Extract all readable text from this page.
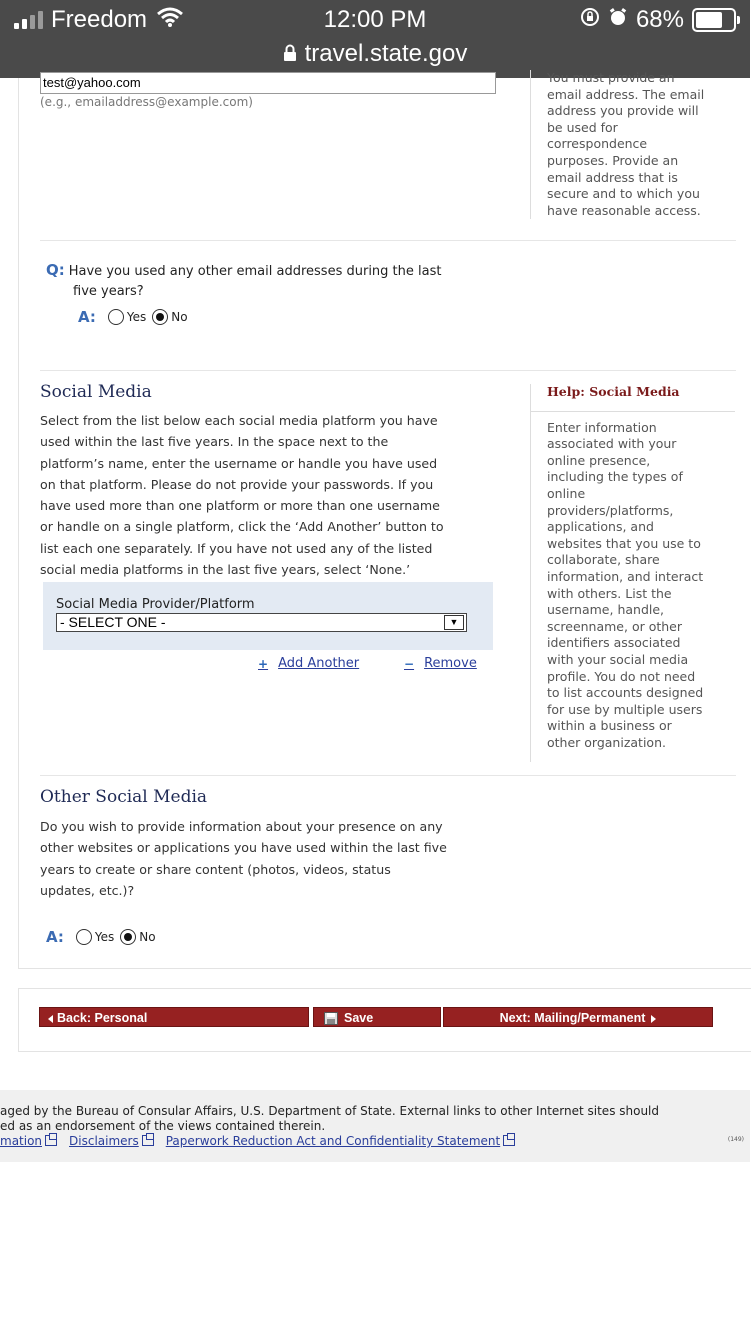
Freedom	12:00 PM	68%
travel.state.gov
test@yahoo.com
(e.g., emailaddress@example.com)
You must provide an
email address. The email
address you provide will
be used for
correspondence
purposes. Provide an
email address that is
secure and to which you
have reasonable access.
Q: Have you used any other email addresses during the last
five years?
A:	Yes No
Social Media
Select from the list below each social media platform you have
used within the last five years. In the space next to the
platform’s name, enter the username or handle you have used
on that platform. Please do not provide your passwords. If you
have used more than one platform or more than one username
or handle on a single platform, click the ‘Add Another’ button to
list each one separately. If you have not used any of the listed
social media platforms in the last five years, select ‘None.’
Social Media Provider/Platform
- SELECT ONE -	▼
+ Add Another	− Remove
Help: Social Media
Enter information
associated with your
online presence,
including the types of
online
providers/platforms,
applications, and
websites that you use to
collaborate, share
information, and interact
with others. List the
username, handle,
screenname, or other
identifiers associated
with your social media
profile. You do not need
to list accounts designed
for use by multiple users
within a business or
other organization.
Other Social Media
Do you wish to provide information about your presence on any
other websites or applications you have used within the last five
years to create or share content (photos, videos, status
updates, etc.)?
A:	Yes No
Back: Personal	Save	Next: Mailing/Permanent
aged by the Bureau of Consular Affairs, U.S. Department of State. External links to other Internet sites should
ed as an endorsement of the views contained therein.
mation	Disclaimers	Paperwork Reduction Act and Confidentiality Statement	(149)
